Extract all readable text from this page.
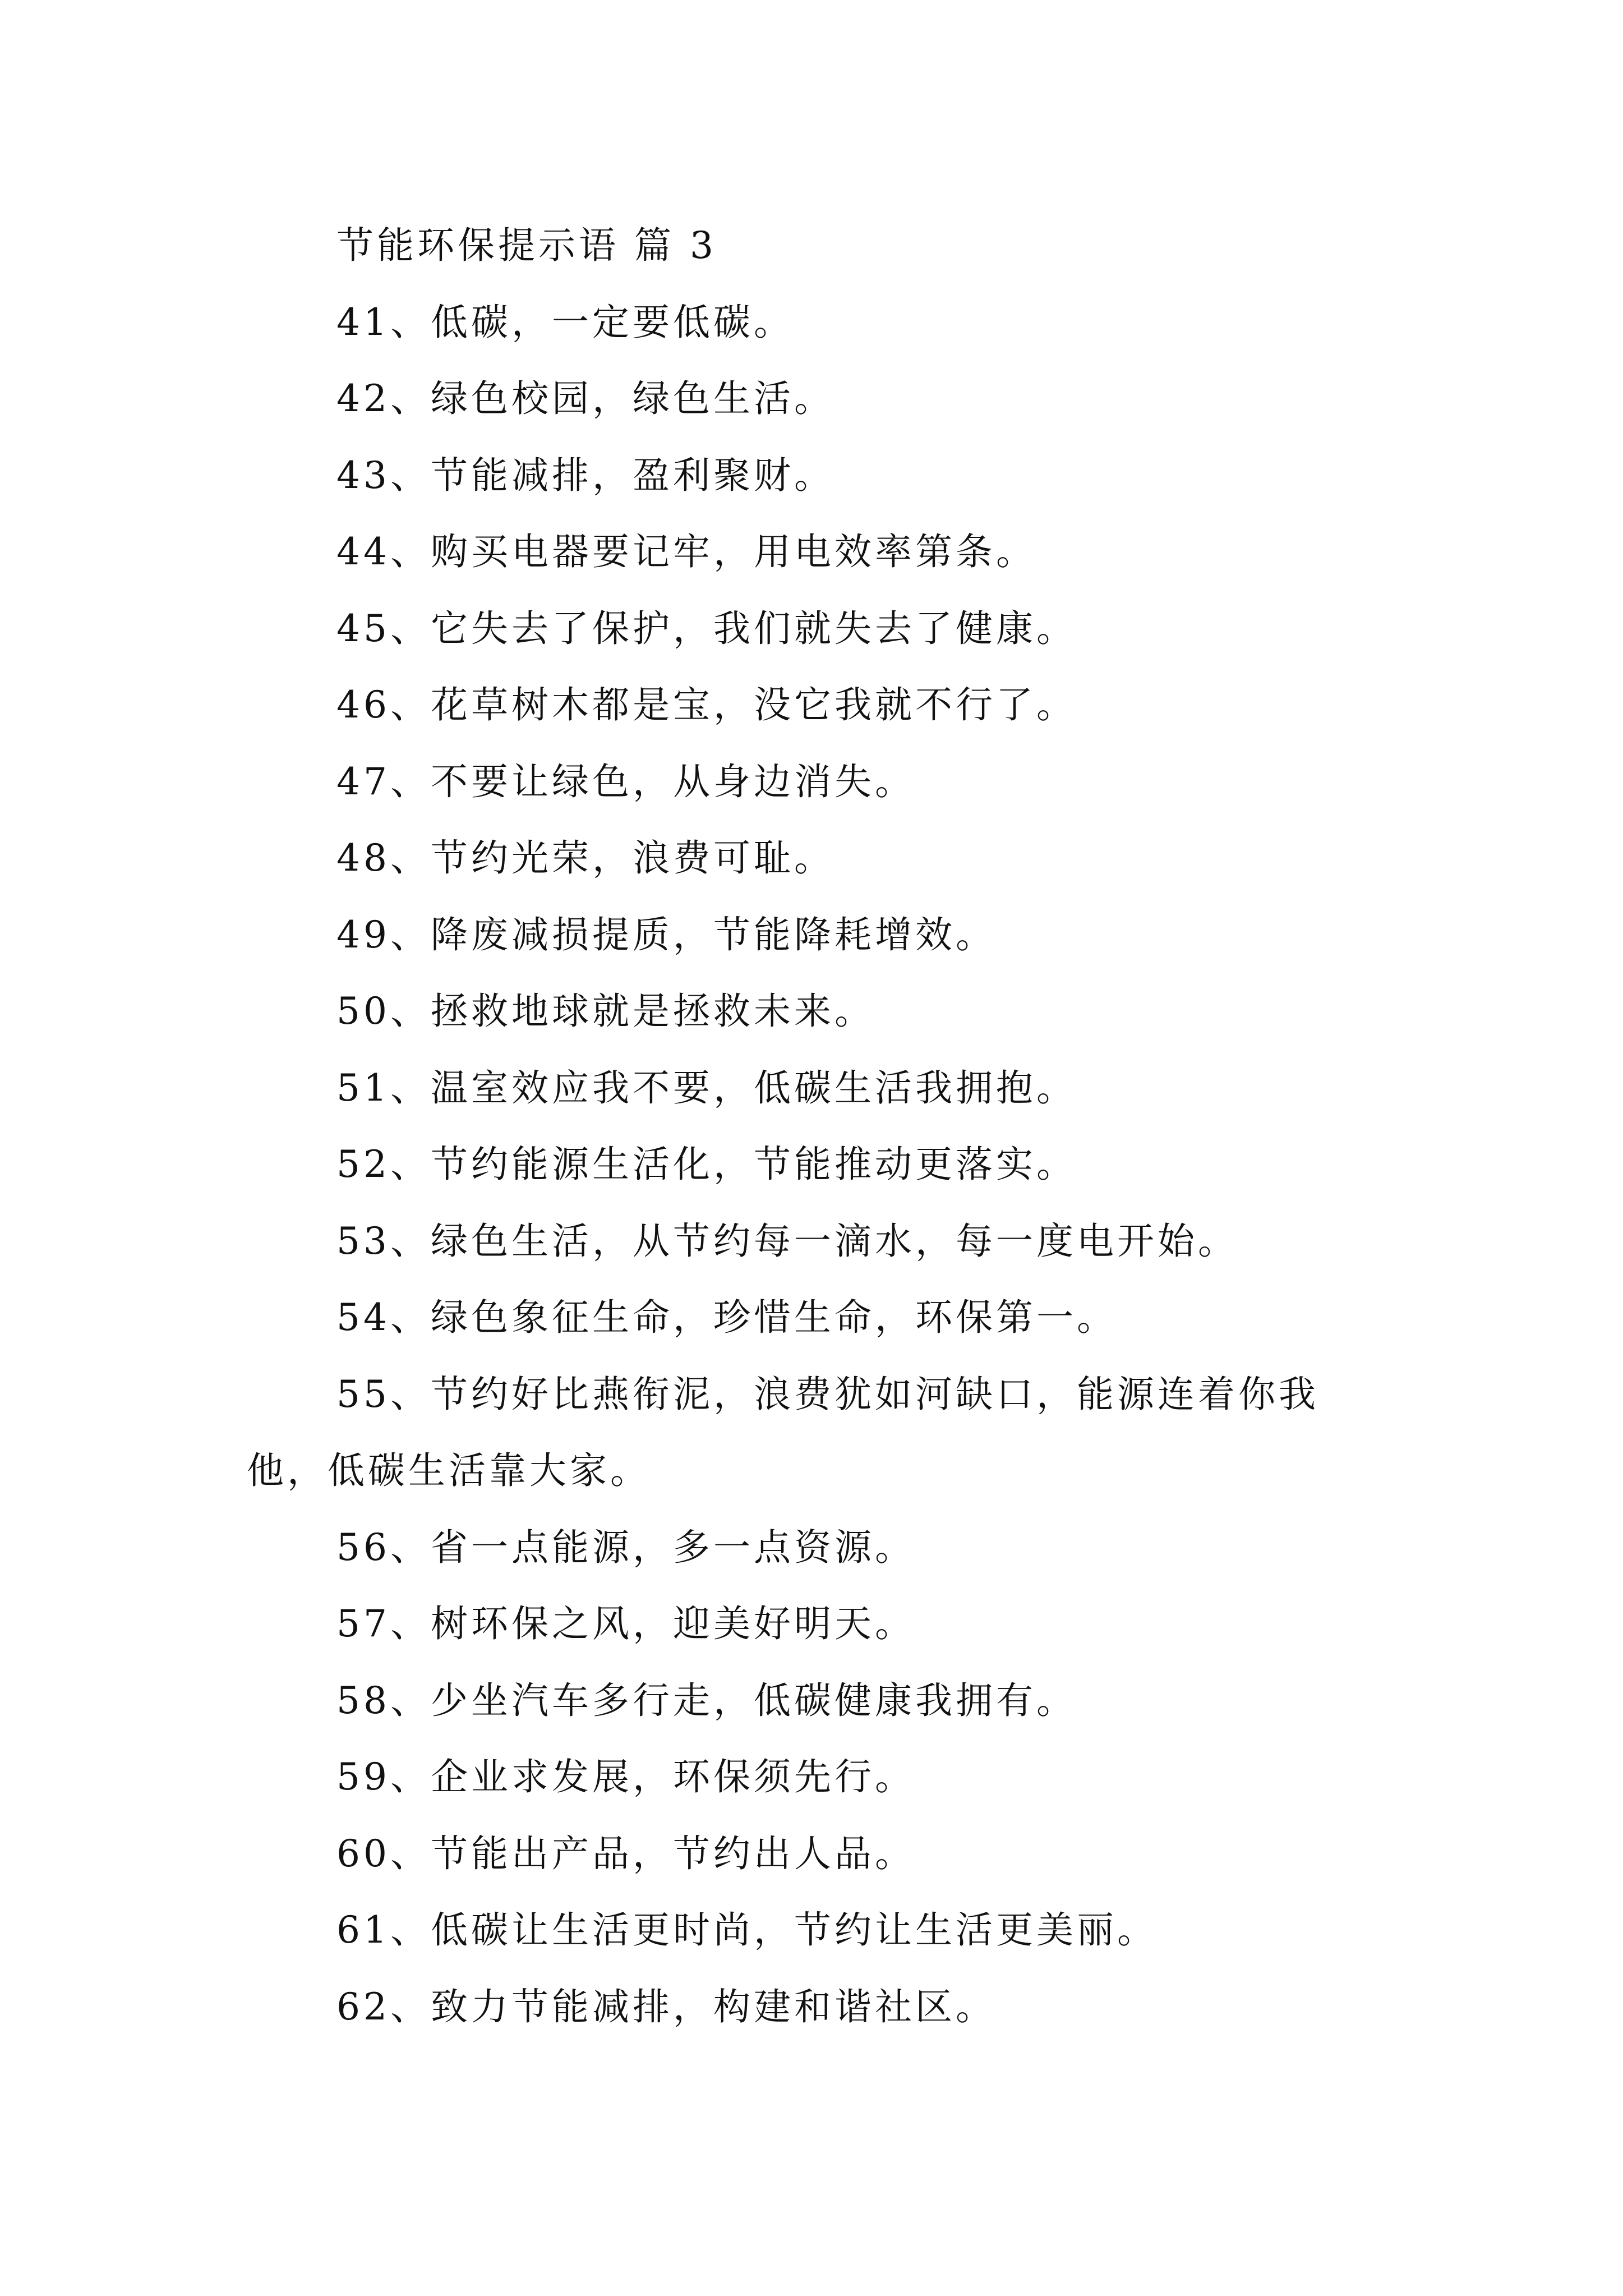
节能环保提示语 篇 3
41、低碳，一定要低碳。
42、绿色校园，绿色生活。
43、节能减排，盈利聚财。
44、购买电器要记牢，用电效率第条。
45、它失去了保护，我们就失去了健康。
46、花草树木都是宝，没它我就不行了。
47、不要让绿色，从身边消失。
48、节约光荣，浪费可耻。
49、降废减损提质，节能降耗增效。
50、拯救地球就是拯救未来。
51、温室效应我不要，低碳生活我拥抱。
52、节约能源生活化，节能推动更落实。
53、绿色生活，从节约每一滴水，每一度电开始。
54、绿色象征生命，珍惜生命，环保第一。
55、节约好比燕衔泥，浪费犹如河缺口，能源连着你我
他，低碳生活靠大家。
56、省一点能源，多一点资源。
57、树环保之风，迎美好明天。
58、少坐汽车多行走，低碳健康我拥有。
59、企业求发展，环保须先行。
60、节能出产品，节约出人品。
61、低碳让生活更时尚，节约让生活更美丽。
62、致力节能减排，构建和谐社区。
